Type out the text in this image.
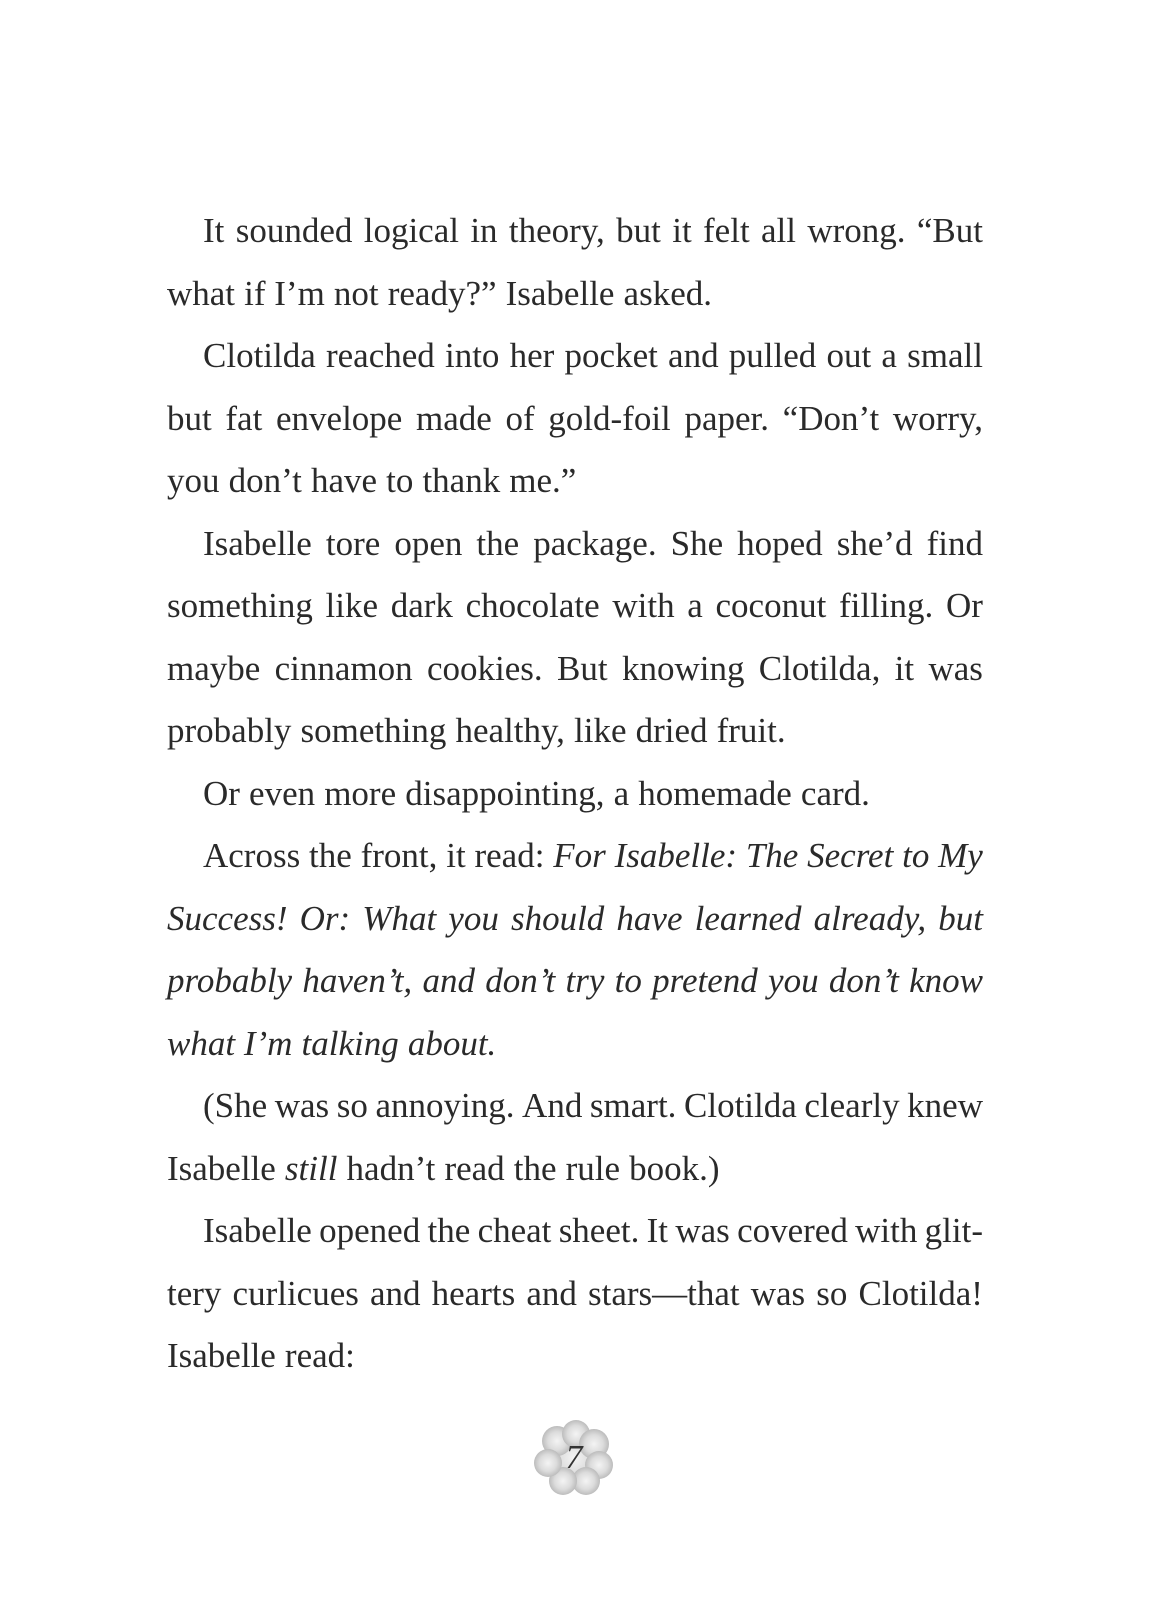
It sounded logical in theory, but it felt all wrong. “But
what if I’m not ready?” Isabelle asked.
Clotilda reached into her pocket and pulled out a small
but fat envelope made of gold-foil paper. “Don’t worry,
you don’t have to thank me.”
Isabelle tore open the package. She hoped she’d find
something like dark chocolate with a coconut filling. Or
maybe cinnamon cookies. But knowing Clotilda, it was
probably something healthy, like dried fruit.
Or even more disappointing, a homemade card.
Across the front, it read: For Isabelle: The Secret to My
Success! Or: What you should have learned already, but
probably haven’t, and don’t try to pretend you don’t know
what I’m talking about.
(She was so annoying. And smart. Clotilda clearly knew
Isabelle still hadn’t read the rule book.)
Isabelle opened the cheat sheet. It was covered with glit-
tery curlicues and hearts and stars—that was so Clotilda!
Isabelle read:
7
